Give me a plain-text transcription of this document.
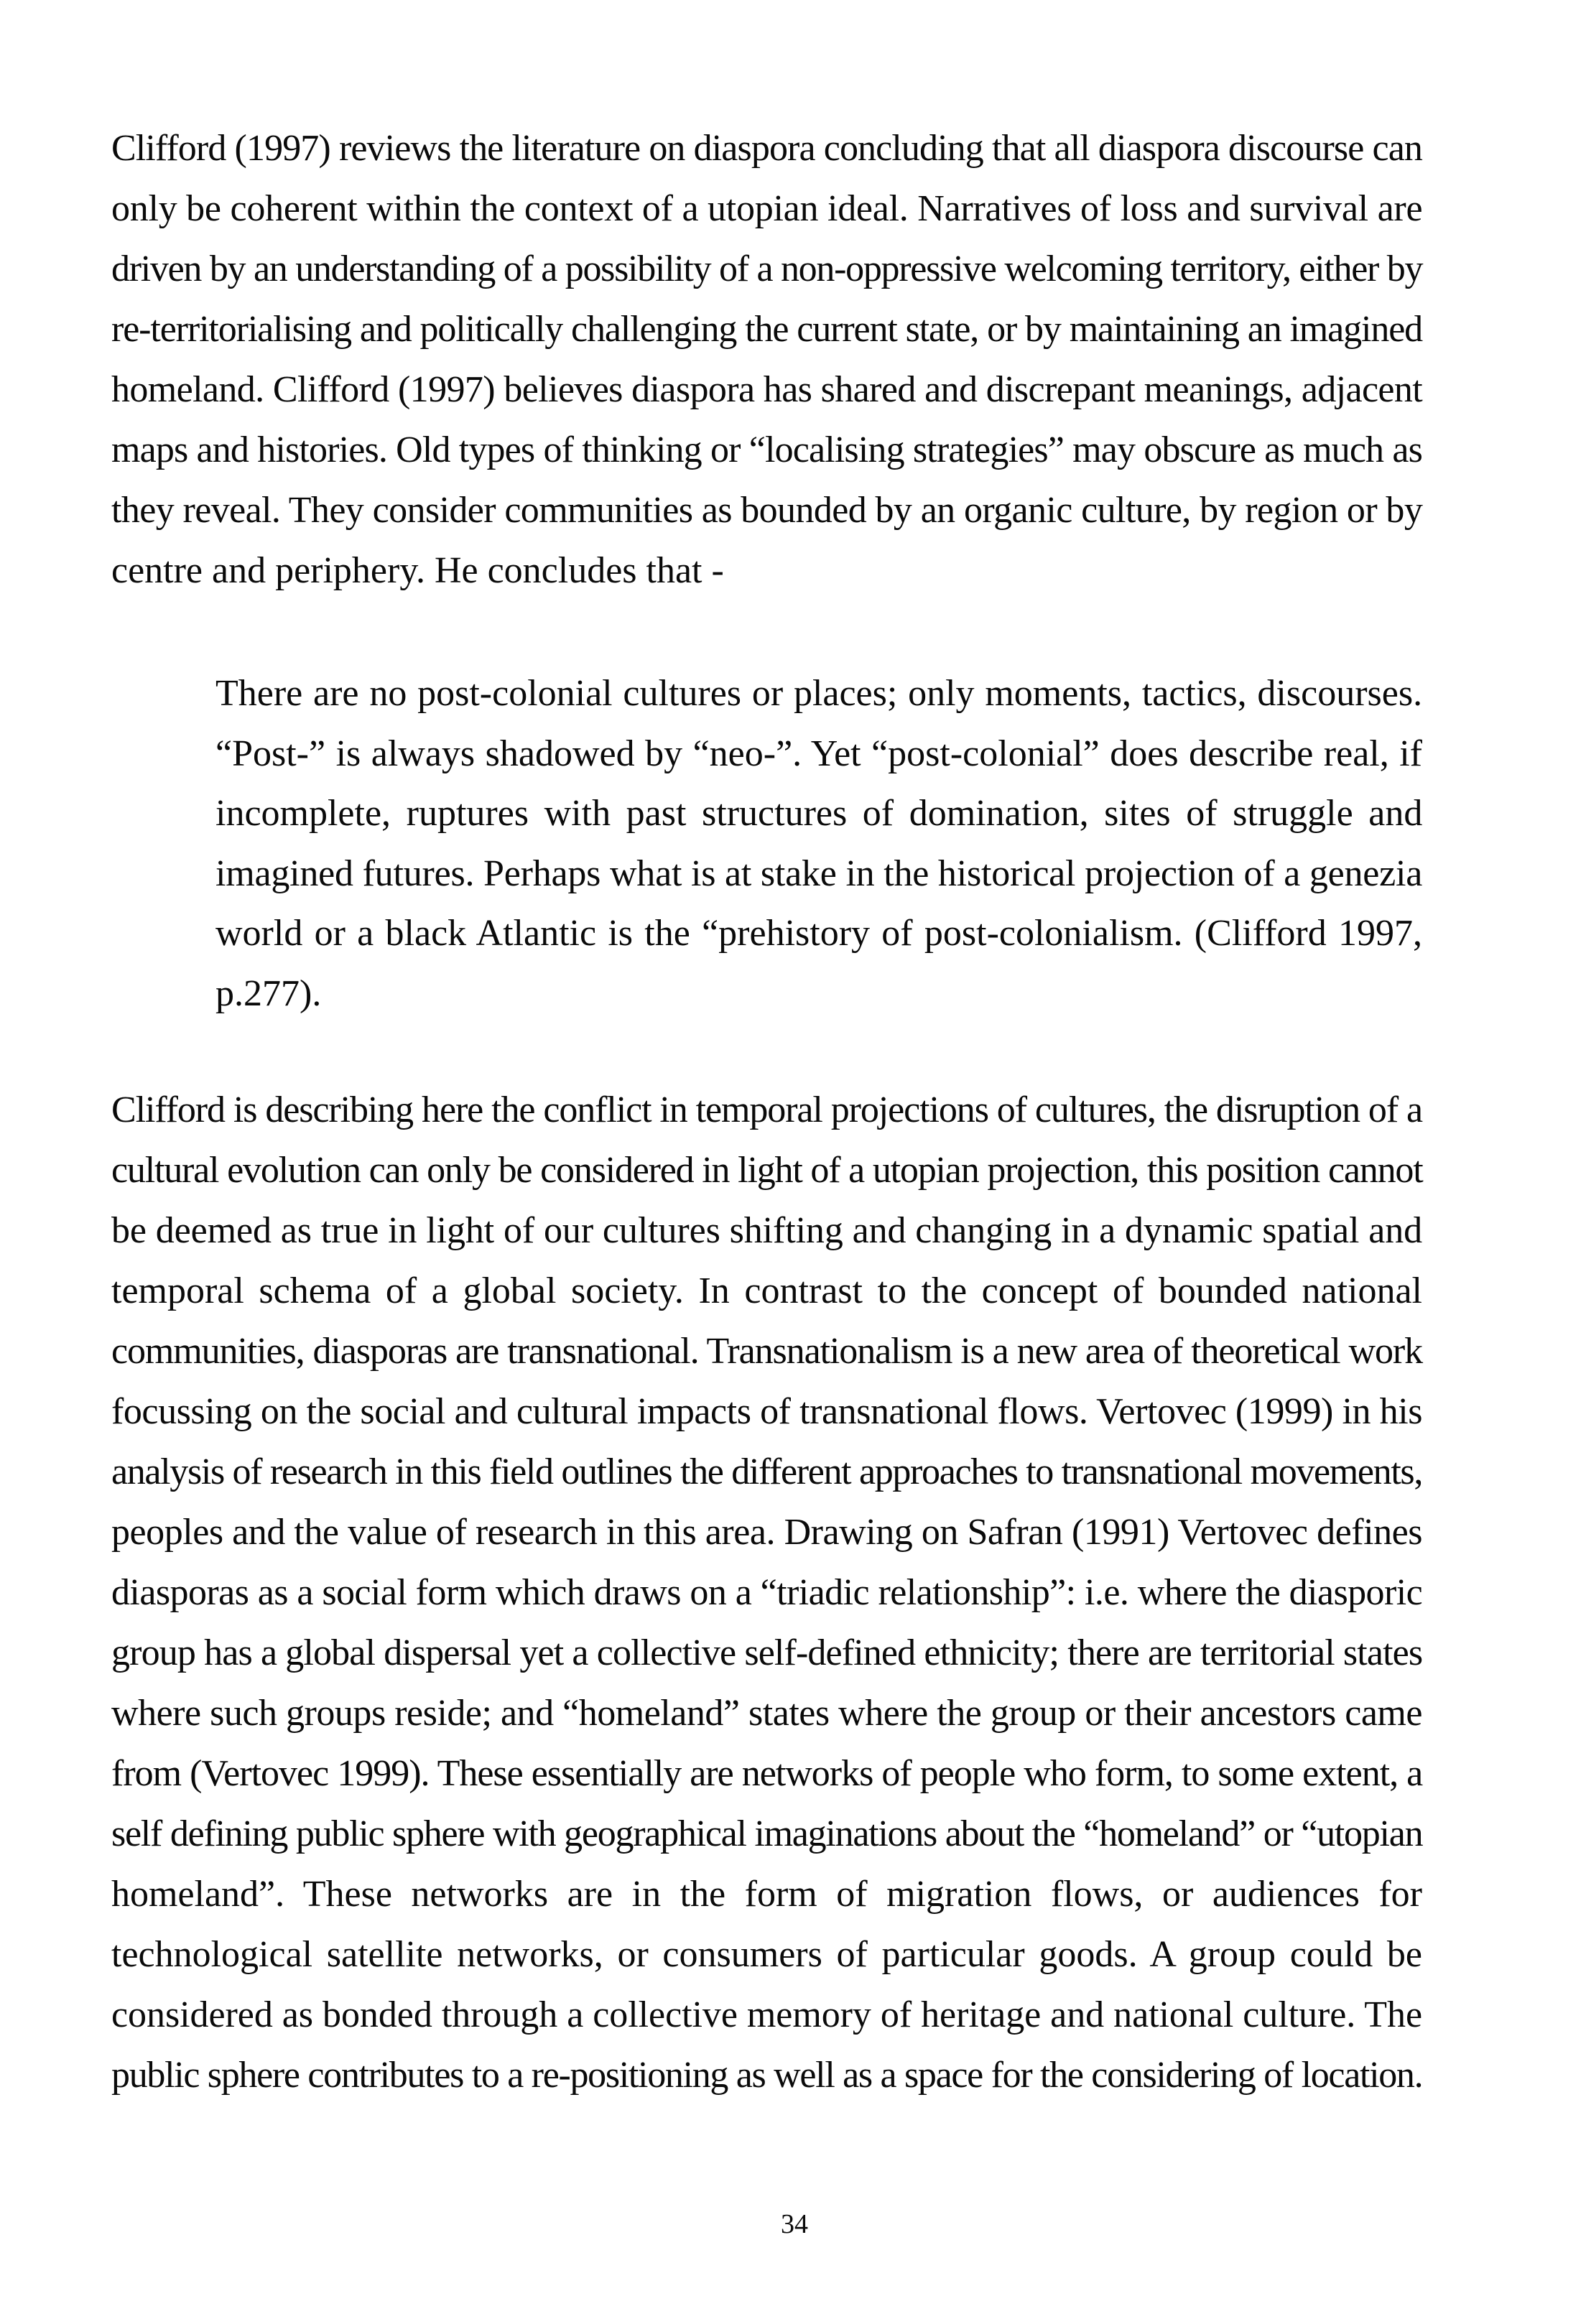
Clifford (1997) reviews the literature on diaspora concluding that all diaspora discourse can
only be coherent within the context of a utopian ideal. Narratives of loss and survival are
driven by an understanding of a possibility of a non-oppressive welcoming territory, either by
re-territorialising and politically challenging the current state, or by maintaining an imagined
homeland. Clifford (1997) believes diaspora has shared and discrepant meanings, adjacent
maps and histories. Old types of thinking or “localising strategies” may obscure as much as
they reveal. They consider communities as bounded by an organic culture, by region or by
centre and periphery. He concludes that -
There are no post-colonial cultures or places; only moments, tactics, discourses.
“Post-” is always shadowed by “neo-”. Yet “post-colonial” does describe real, if
incomplete, ruptures with past structures of domination, sites of struggle and
imagined futures. Perhaps what is at stake in the historical projection of a genezia
world or a black Atlantic is the “prehistory of post-colonialism. (Clifford 1997,
p.277).
Clifford is describing here the conflict in temporal projections of cultures, the disruption of a
cultural evolution can only be considered in light of a utopian projection, this position cannot
be deemed as true in light of our cultures shifting and changing in a dynamic spatial and
temporal schema of a global society. In contrast to the concept of bounded national
communities, diasporas are transnational. Transnationalism is a new area of theoretical work
focussing on the social and cultural impacts of transnational flows. Vertovec (1999) in his
analysis of research in this field outlines the different approaches to transnational movements,
peoples and the value of research in this area. Drawing on Safran (1991) Vertovec defines
diasporas as a social form which draws on a “triadic relationship”: i.e. where the diasporic
group has a global dispersal yet a collective self-defined ethnicity; there are territorial states
where such groups reside; and “homeland” states where the group or their ancestors came
from (Vertovec 1999). These essentially are networks of people who form, to some extent, a
self defining public sphere with geographical imaginations about the “homeland” or “utopian
homeland”. These networks are in the form of migration flows, or audiences for
technological satellite networks, or consumers of particular goods. A group could be
considered as bonded through a collective memory of heritage and national culture. The
public sphere contributes to a re-positioning as well as a space for the considering of location.
34
